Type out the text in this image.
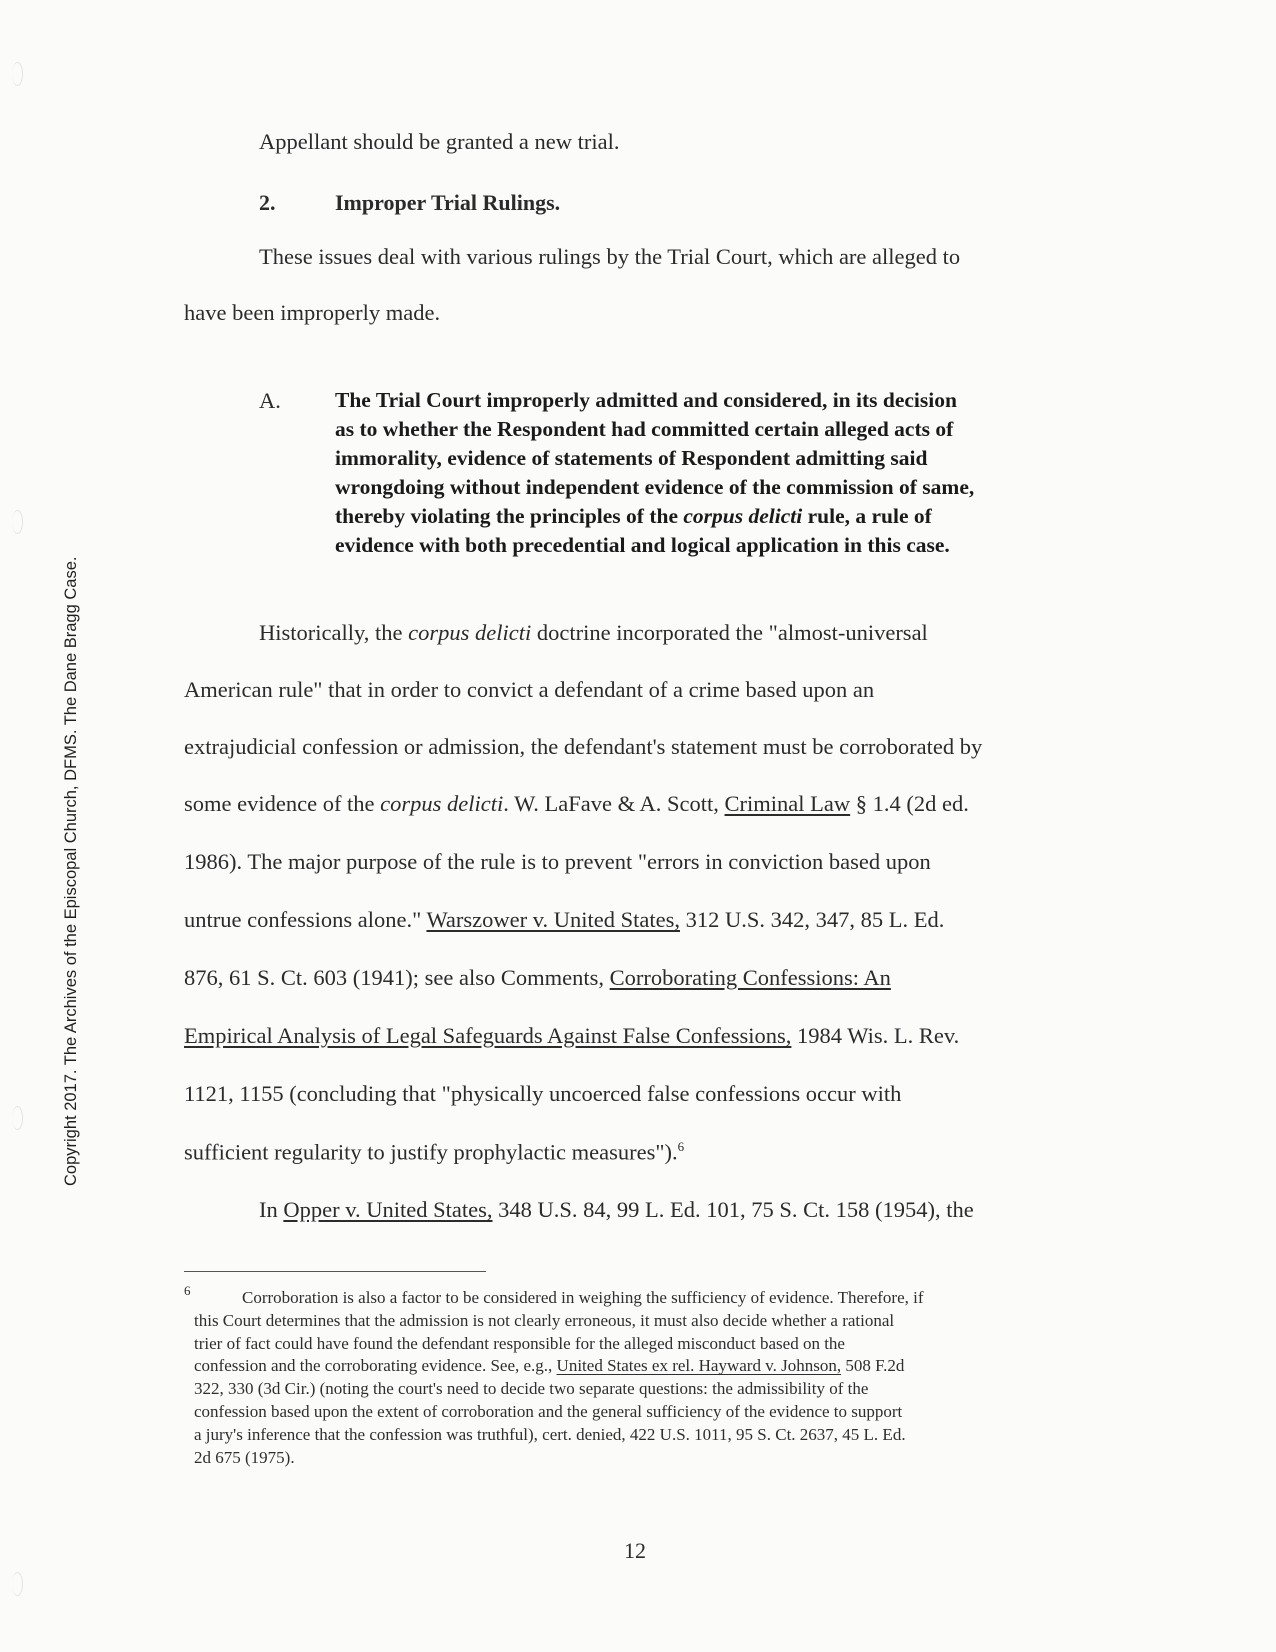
Copyright 2017. The Archives of the Episcopal Church, DFMS. The Dane Bragg Case.
Appellant should be granted a new trial.
2.	Improper Trial Rulings.
These issues deal with various rulings by the Trial Court, which are alleged to
have been improperly made.
A.	The Trial Court improperly admitted and considered, in its decision
as to whether the Respondent had committed certain alleged acts of
immorality, evidence of statements of Respondent admitting said
wrongdoing without independent evidence of the commission of same,
thereby violating the principles of the corpus delicti rule, a rule of
evidence with both precedential and logical application in this case.
Historically, the corpus delicti doctrine incorporated the "almost-universal
American rule" that in order to convict a defendant of a crime based upon an
extrajudicial confession or admission, the defendant's statement must be corroborated by
some evidence of the corpus delicti. W. LaFave & A. Scott, Criminal Law § 1.4 (2d ed.
1986). The major purpose of the rule is to prevent "errors in conviction based upon
untrue confessions alone." Warszower v. United States, 312 U.S. 342, 347, 85 L. Ed.
876, 61 S. Ct. 603 (1941); see also Comments, Corroborating Confessions: An
Empirical Analysis of Legal Safeguards Against False Confessions, 1984 Wis. L. Rev.
1121, 1155 (concluding that "physically uncoerced false confessions occur with
sufficient regularity to justify prophylactic measures").$^6$
In Opper v. United States, 348 U.S. 84, 99 L. Ed. 101, 75 S. Ct. 158 (1954), the
6	Corroboration is also a factor to be considered in weighing the sufficiency of evidence. Therefore, if
this Court determines that the admission is not clearly erroneous, it must also decide whether a rational
trier of fact could have found the defendant responsible for the alleged misconduct based on the
confession and the corroborating evidence. See, e.g., United States ex rel. Hayward v. Johnson, 508 F.2d
322, 330 (3d Cir.) (noting the court's need to decide two separate questions: the admissibility of the
confession based upon the extent of corroboration and the general sufficiency of the evidence to support
a jury's inference that the confession was truthful), cert. denied, 422 U.S. 1011, 95 S. Ct. 2637, 45 L. Ed.
2d 675 (1975).
12
